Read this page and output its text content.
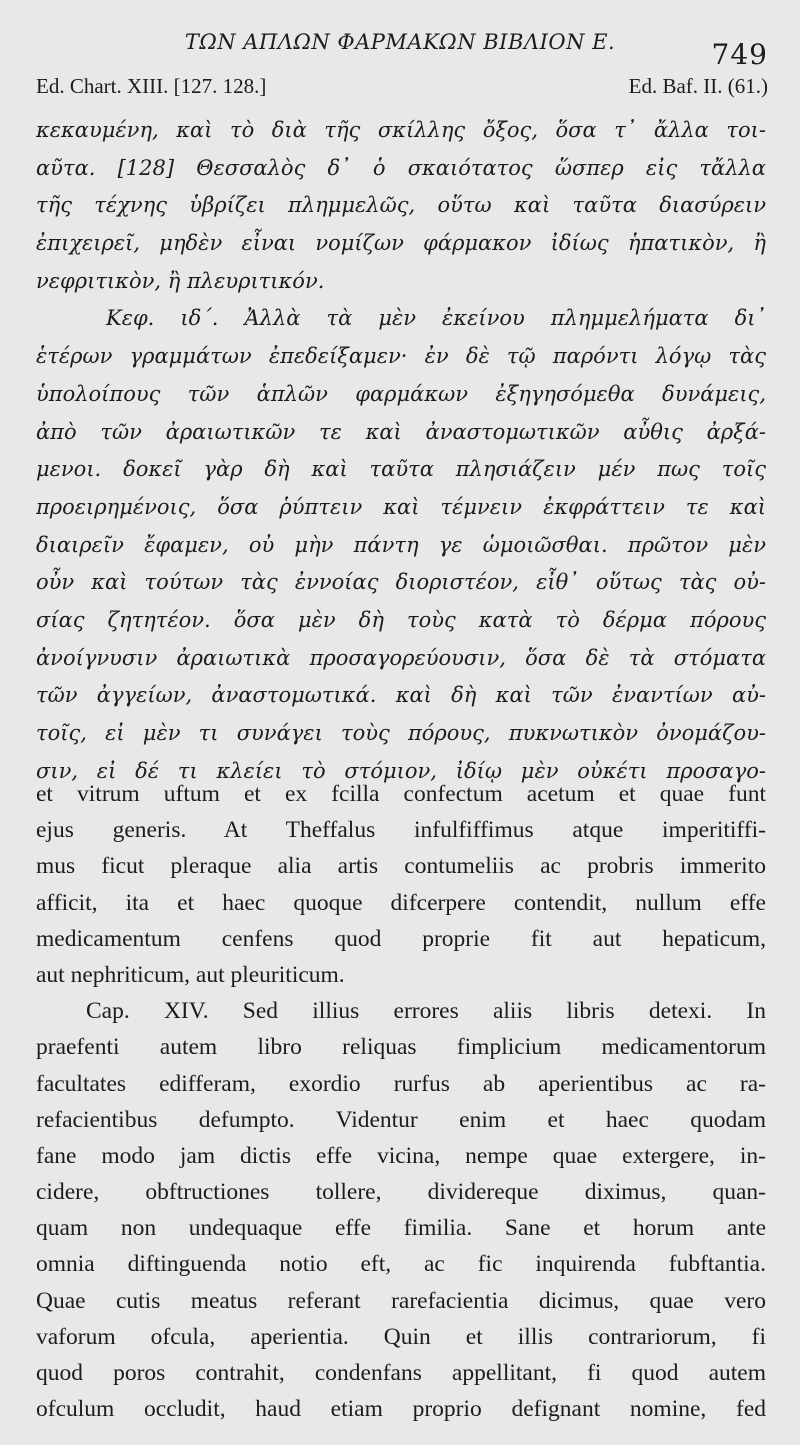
ΤΩΝ ΑΠΛΩΝ ΦΑΡΜΑΚΩΝ ΒΙΒΛΙΟΝ Ε.	749
Ed. Chart. XIII. [127. 128.]	Ed. Baf. II. (61.)
κεκαυμένη, καὶ τὸ διὰ τῆς σκίλλης ὄξος, ὅσα τ᾽ ἄλλα τοι-
αῦτα. [128] Θεσσαλὸς δ᾽ ὁ σκαιότατος ὥσπερ εἰς τἄλλα
τῆς τέχνης ὑβρίζει πλημμελῶς, οὕτω καὶ ταῦτα διασύρειν
ἐπιχειρεῖ, μηδὲν εἶναι νομίζων φάρμακον ἰδίως ἡπατικὸν, ἢ
νεφριτικὸν, ἢ πλευριτικόν.
Κεφ. ιδ΄. Ἀλλὰ τὰ μὲν ἐκείνου πλημμελήματα δι᾽
ἑτέρων γραμμάτων ἐπεδείξαμεν· ἐν δὲ τῷ παρόντι λόγῳ τὰς
ὑπολοίπους τῶν ἁπλῶν φαρμάκων ἐξηγησόμεθα δυνάμεις,
ἀπὸ τῶν ἀραιωτικῶν τε καὶ ἀναστομωτικῶν αὖθις ἀρξά-
μενοι. δοκεῖ γὰρ δὴ καὶ ταῦτα πλησιάζειν μέν πως τοῖς
προειρημένοις, ὅσα ῥύπτειν καὶ τέμνειν ἐκφράττειν τε καὶ
διαιρεῖν ἔφαμεν, οὐ μὴν πάντη γε ὡμοιῶσθαι. πρῶτον μὲν
οὖν καὶ τούτων τὰς ἐννοίας διοριστέον, εἶθ᾽ οὕτως τὰς οὐ-
σίας ζητητέον. ὅσα μὲν δὴ τοὺς κατὰ τὸ δέρμα πόρους
ἀνοίγνυσιν ἀραιωτικὰ προσαγορεύουσιν, ὅσα δὲ τὰ στόματα
τῶν ἀγγείων, ἀναστομωτικά. καὶ δὴ καὶ τῶν ἐναντίων αὐ-
τοῖς, εἰ μὲν τι συνάγει τοὺς πόρους, πυκνωτικὸν ὀνομάζου-
σιν, εἰ δέ τι κλείει τὸ στόμιον, ἰδίῳ μὲν οὐκέτι προσαγο-
et vitrum uftum et ex fcilla confectum acetum et quae funt
ejus generis. At Theffalus infulfiffimus atque imperitiffi-
mus ficut pleraque alia artis contumeliis ac probris immerito
afficit, ita et haec quoque difcerpere contendit, nullum effe
medicamentum cenfens quod proprie fit aut hepaticum,
aut nephriticum, aut pleuriticum.
Cap. XIV. Sed illius errores aliis libris detexi. In
praefenti autem libro reliquas fimplicium medicamentorum
facultates edifferam, exordio rurfus ab aperientibus ac ra-
refacientibus defumpto. Videntur enim et haec quodam
fane modo jam dictis effe vicina, nempe quae extergere, in-
cidere, obftructiones tollere, dividereque diximus, quan-
quam non undequaque effe fimilia. Sane et horum ante
omnia diftinguenda notio eft, ac fic inquirenda fubftantia.
Quae cutis meatus referant rarefacientia dicimus, quae vero
vaforum ofcula, aperientia. Quin et illis contrariorum, fi
quod poros contrahit, condenfans appellitant, fi quod autem
ofculum occludit, haud etiam proprio defignant nomine, fed
